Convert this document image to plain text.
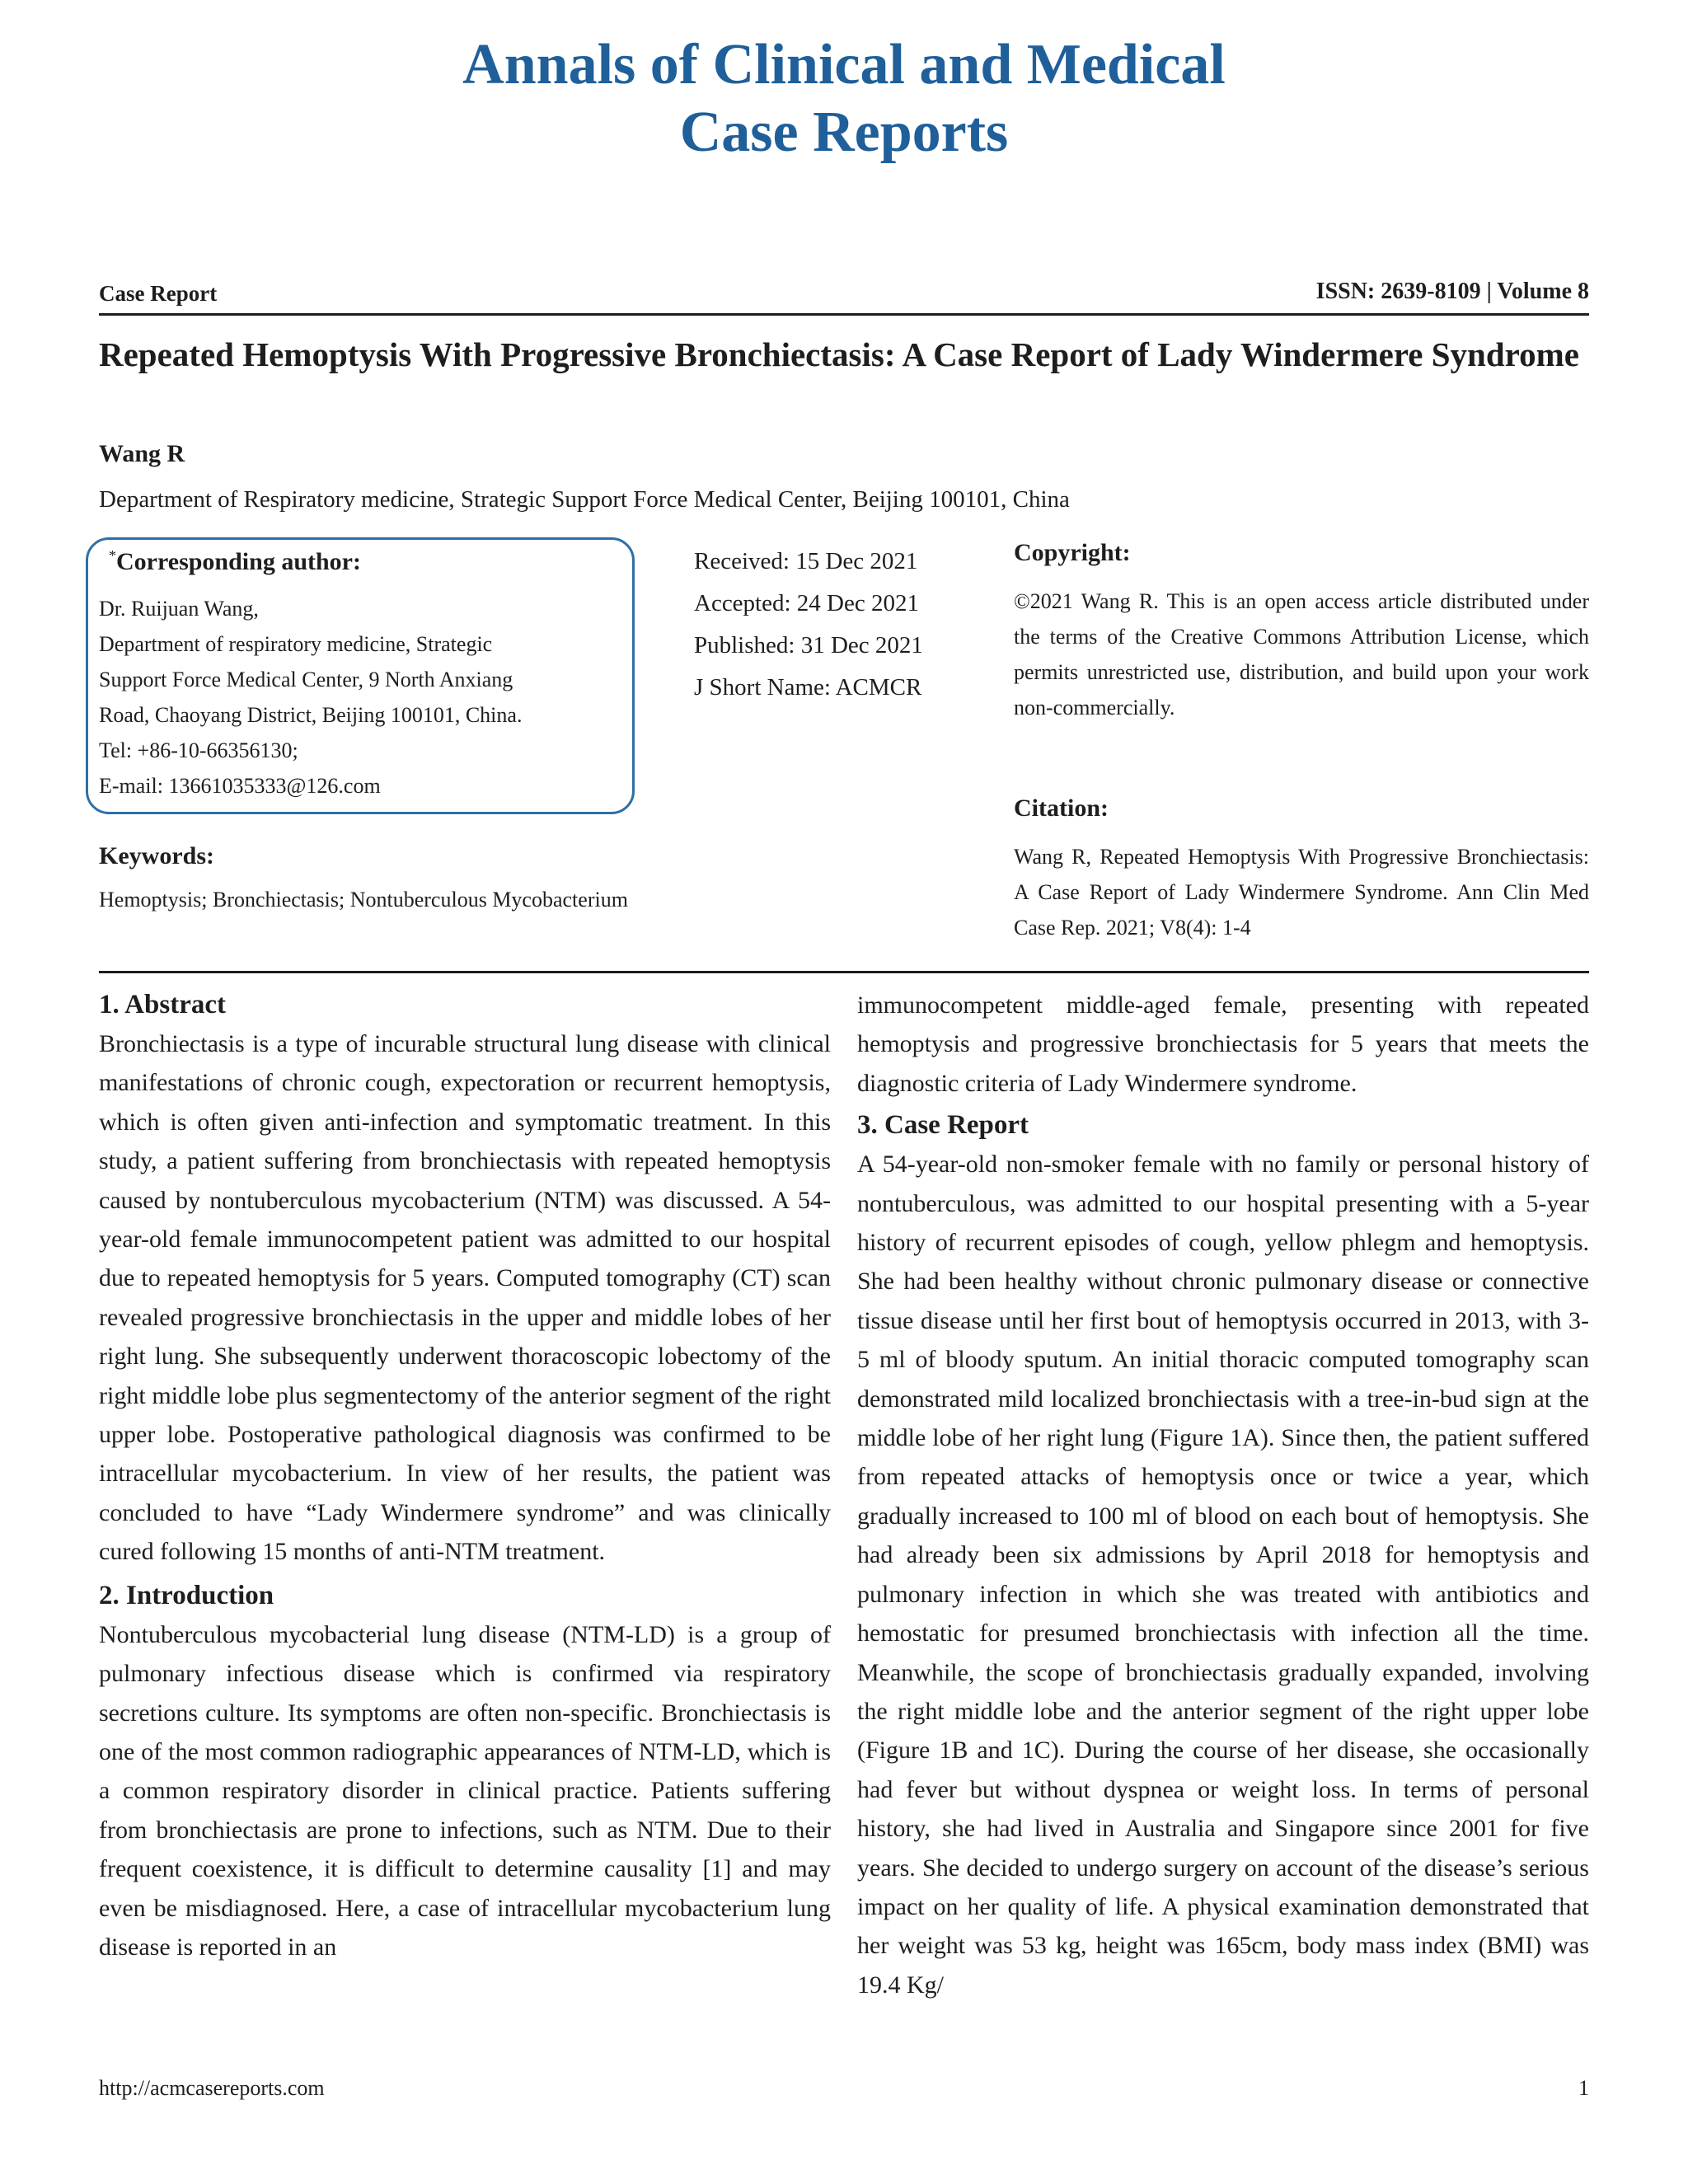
Annals of Clinical and Medical
Case Reports
Case Report	ISSN: 2639-8109 | Volume 8
Repeated Hemoptysis With Progressive Bronchiectasis: A Case Report of Lady Windermere Syndrome
Wang R
Department of Respiratory medicine, Strategic Support Force Medical Center, Beijing 100101, China
*Corresponding author:
Dr. Ruijuan Wang,
Department of respiratory medicine, Strategic
Support Force Medical Center, 9 North Anxiang
Road, Chaoyang District, Beijing 100101, China.
Tel: +86-10-66356130;
E-mail: 13661035333@126.com
Keywords:
Hemoptysis; Bronchiectasis; Nontuberculous Mycobacterium
Received: 15 Dec 2021
Accepted: 24 Dec 2021
Published: 31 Dec 2021
J Short Name: ACMCR
Copyright:
©2021 Wang R. This is an open access article distributed under the terms of the Creative Commons Attribution License, which permits unrestricted use, distribution, and build upon your work non-commercially.
Citation:
Wang R, Repeated Hemoptysis With Progressive Bronchiectasis: A Case Report of Lady Windermere Syndrome. Ann Clin Med Case Rep. 2021; V8(4): 1-4
1. Abstract

Bronchiectasis is a type of incurable structural lung disease with clinical manifestations of chronic cough, expectoration or recurrent hemoptysis, which is often given anti-infection and symptomatic treatment. In this study, a patient suffering from bronchiectasis with repeated hemoptysis caused by nontuberculous mycobacterium (NTM) was discussed. A 54-year-old female immunocompetent patient was admitted to our hospital due to repeated hemoptysis for 5 years. Computed tomography (CT) scan revealed progressive bronchiectasis in the upper and middle lobes of her right lung. She subsequently underwent thoracoscopic lobectomy of the right middle lobe plus segmentectomy of the anterior segment of the right upper lobe. Postoperative pathological diagnosis was confirmed to be intracellular mycobacterium. In view of her results, the patient was concluded to have “Lady Windermere syndrome” and was clinically cured following 15 months of anti-NTM treatment.

2. Introduction

Nontuberculous mycobacterial lung disease (NTM-LD) is a group of pulmonary infectious disease which is confirmed via respiratory secretions culture. Its symptoms are often non-specific. Bronchiectasis is one of the most common radiographic appearances of NTM-LD, which is a common respiratory disorder in clinical practice. Patients suffering from bronchiectasis are prone to infections, such as NTM. Due to their frequent coexistence, it is difficult to determine causality [1] and may even be misdiagnosed. Here, a case of intracellular mycobacterium lung disease is reported in an

immunocompetent middle-aged female, presenting with repeated hemoptysis and progressive bronchiectasis for 5 years that meets the diagnostic criteria of Lady Windermere syndrome.

3. Case Report

A 54-year-old non-smoker female with no family or personal history of nontuberculous, was admitted to our hospital presenting with a 5-year history of recurrent episodes of cough, yellow phlegm and hemoptysis. She had been healthy without chronic pulmonary disease or connective tissue disease until her first bout of hemoptysis occurred in 2013, with 3-5 ml of bloody sputum. An initial thoracic computed tomography scan demonstrated mild localized bronchiectasis with a tree-in-bud sign at the middle lobe of her right lung (Figure 1A). Since then, the patient suffered from repeated attacks of hemoptysis once or twice a year, which gradually increased to 100 ml of blood on each bout of hemoptysis. She had already been six admissions by April 2018 for hemoptysis and pulmonary infection in which she was treated with antibiotics and hemostatic for presumed bronchiectasis with infection all the time. Meanwhile, the scope of bronchiectasis gradually expanded, involving the right middle lobe and the anterior segment of the right upper lobe (Figure 1B and 1C). During the course of her disease, she occasionally had fever but without dyspnea or weight loss. In terms of personal history, she had lived in Australia and Singapore since 2001 for five years. She decided to undergo surgery on account of the disease’s serious impact on her quality of life. A physical examination demonstrated that her weight was 53 kg, height was 165cm, body mass index (BMI) was 19.4 Kg/

http://acmcasereports.com	1
